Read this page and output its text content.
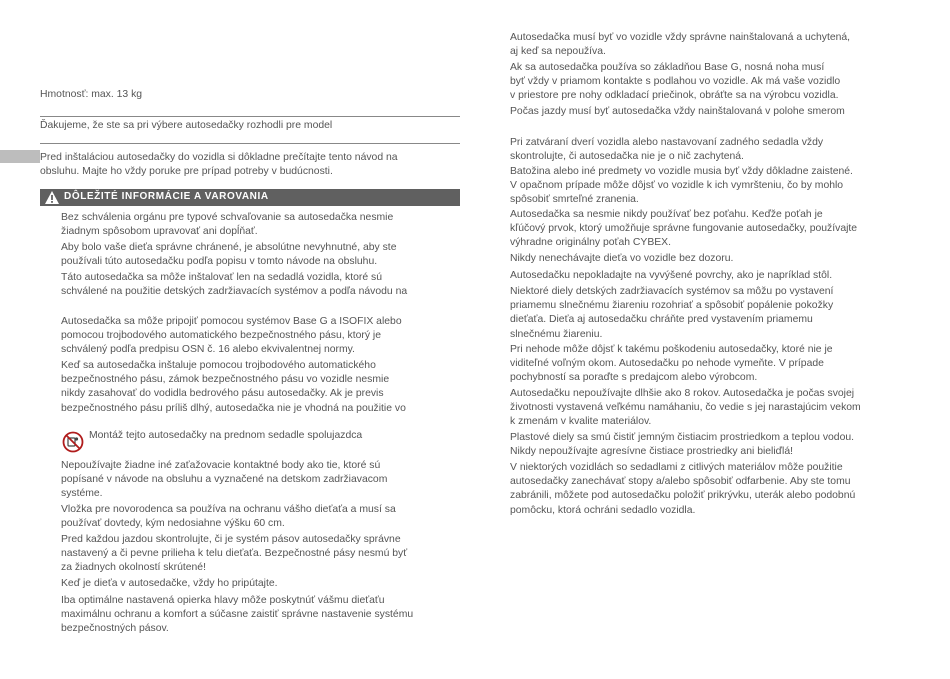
Hmotnosť: max. 13 kg
Ďakujeme, že ste sa pri výbere autosedačky rozhodli pre model
Pred inštaláciou autosedačky do vozidla si dôkladne prečítajte tento návod na
obsluhu. Majte ho vždy poruke pre prípad potreby v budúcnosti.
DÔLEŽITÉ INFORMÁCIE A VAROVANIA
Bez schválenia orgánu pre typové schvaľovanie sa autosedačka nesmie
žiadnym spôsobom upravovať ani dopĺňať.
Aby bolo vaše dieťa správne chránené, je absolútne nevyhnutné, aby ste
používali túto autosedačku podľa popisu v tomto návode na obsluhu.
Táto autosedačka sa môže inštalovať len na sedadlá vozidla, ktoré sú
schválené na použitie detských zadržiavacích systémov a podľa návodu na
Autosedačka sa môže pripojiť pomocou systémov Base G a ISOFIX alebo
pomocou trojbodového automatického bezpečnostného pásu, ktorý je
schválený podľa predpisu OSN č. 16 alebo ekvivalentnej normy.
Keď sa autosedačka inštaluje pomocou trojbodového automatického
bezpečnostného pásu, zámok bezpečnostného pásu vo vozidle nesmie
nikdy zasahovať do vodidla bedrového pásu autosedačky. Ak je previs
bezpečnostného pásu príliš dlhý, autosedačka nie je vhodná na použitie vo
Montáž tejto autosedačky na prednom sedadle spolujazdca
Nepoužívajte žiadne iné zaťažovacie kontaktné body ako tie, ktoré sú
popísané v návode na obsluhu a vyznačené na detskom zadržiavacom
systéme.
Vložka pre novorodenca sa používa na ochranu vášho dieťaťa a musí sa
používať dovtedy, kým nedosiahne výšku 60 cm.
Pred každou jazdou skontrolujte, či je systém pásov autosedačky správne
nastavený a či pevne prilieha k telu dieťaťa. Bezpečnostné pásy nesmú byť
za žiadnych okolností skrútené!
Keď je dieťa v autosedačke, vždy ho pripútajte.
Iba optimálne nastavená opierka hlavy môže poskytnúť vášmu dieťaťu
maximálnu ochranu a komfort a súčasne zaistiť správne nastavenie systému
bezpečnostných pásov.
Autosedačka musí byť vo vozidle vždy správne nainštalovaná a uchytená,
aj keď sa nepoužíva.
Ak sa autosedačka používa so základňou Base G, nosná noha musí
byť vždy v priamom kontakte s podlahou vo vozidle. Ak má vaše vozidlo
v priestore pre nohy odkladací priečinok, obráťte sa na výrobcu vozidla.
Počas jazdy musí byť autosedačka vždy nainštalovaná v polohe smerom
Pri zatváraní dverí vozidla alebo nastavovaní zadného sedadla vždy
skontrolujte, či autosedačka nie je o nič zachytená.
Batožina alebo iné predmety vo vozidle musia byť vždy dôkladne zaistené.
V opačnom prípade môže dôjsť vo vozidle k ich vymršteniu, čo by mohlo
spôsobiť smrteľné zranenia.
Autosedačka sa nesmie nikdy používať bez poťahu. Keďže poťah je
kľúčový prvok, ktorý umožňuje správne fungovanie autosedačky, používajte
výhradne originálny poťah CYBEX.
Nikdy nenechávajte dieťa vo vozidle bez dozoru.
Autosedačku nepokladajte na vyvýšené povrchy, ako je napríklad stôl.
Niektoré diely detských zadržiavacích systémov sa môžu po vystavení
priamemu slnečnému žiareniu rozohriať a spôsobiť popálenie pokožky
dieťaťa. Dieťa aj autosedačku chráňte pred vystavením priamemu
slnečnému žiareniu.
Pri nehode môže dôjsť k takému poškodeniu autosedačky, ktoré nie je
viditeľné voľným okom. Autosedačku po nehode vymeňte. V prípade
pochybností sa poraďte s predajcom alebo výrobcom.
Autosedačku nepoužívajte dlhšie ako 8 rokov. Autosedačka je počas svojej
životnosti vystavená veľkému namáhaniu, čo vedie s jej narastajúcim vekom
k zmenám v kvalite materiálov.
Plastové diely sa smú čistiť jemným čistiacim prostriedkom a teplou vodou.
Nikdy nepoužívajte agresívne čistiace prostriedky ani bieliďlá!
V niektorých vozidlách so sedadlami z citlivých materiálov môže použitie
autosedačky zanechávať stopy a/alebo spôsobiť odfarbenie. Aby ste tomu
zabránili, môžete pod autosedačku položiť prikrývku, uterák alebo podobnú
pomôcku, ktorá ochráni sedadlo vozidla.
